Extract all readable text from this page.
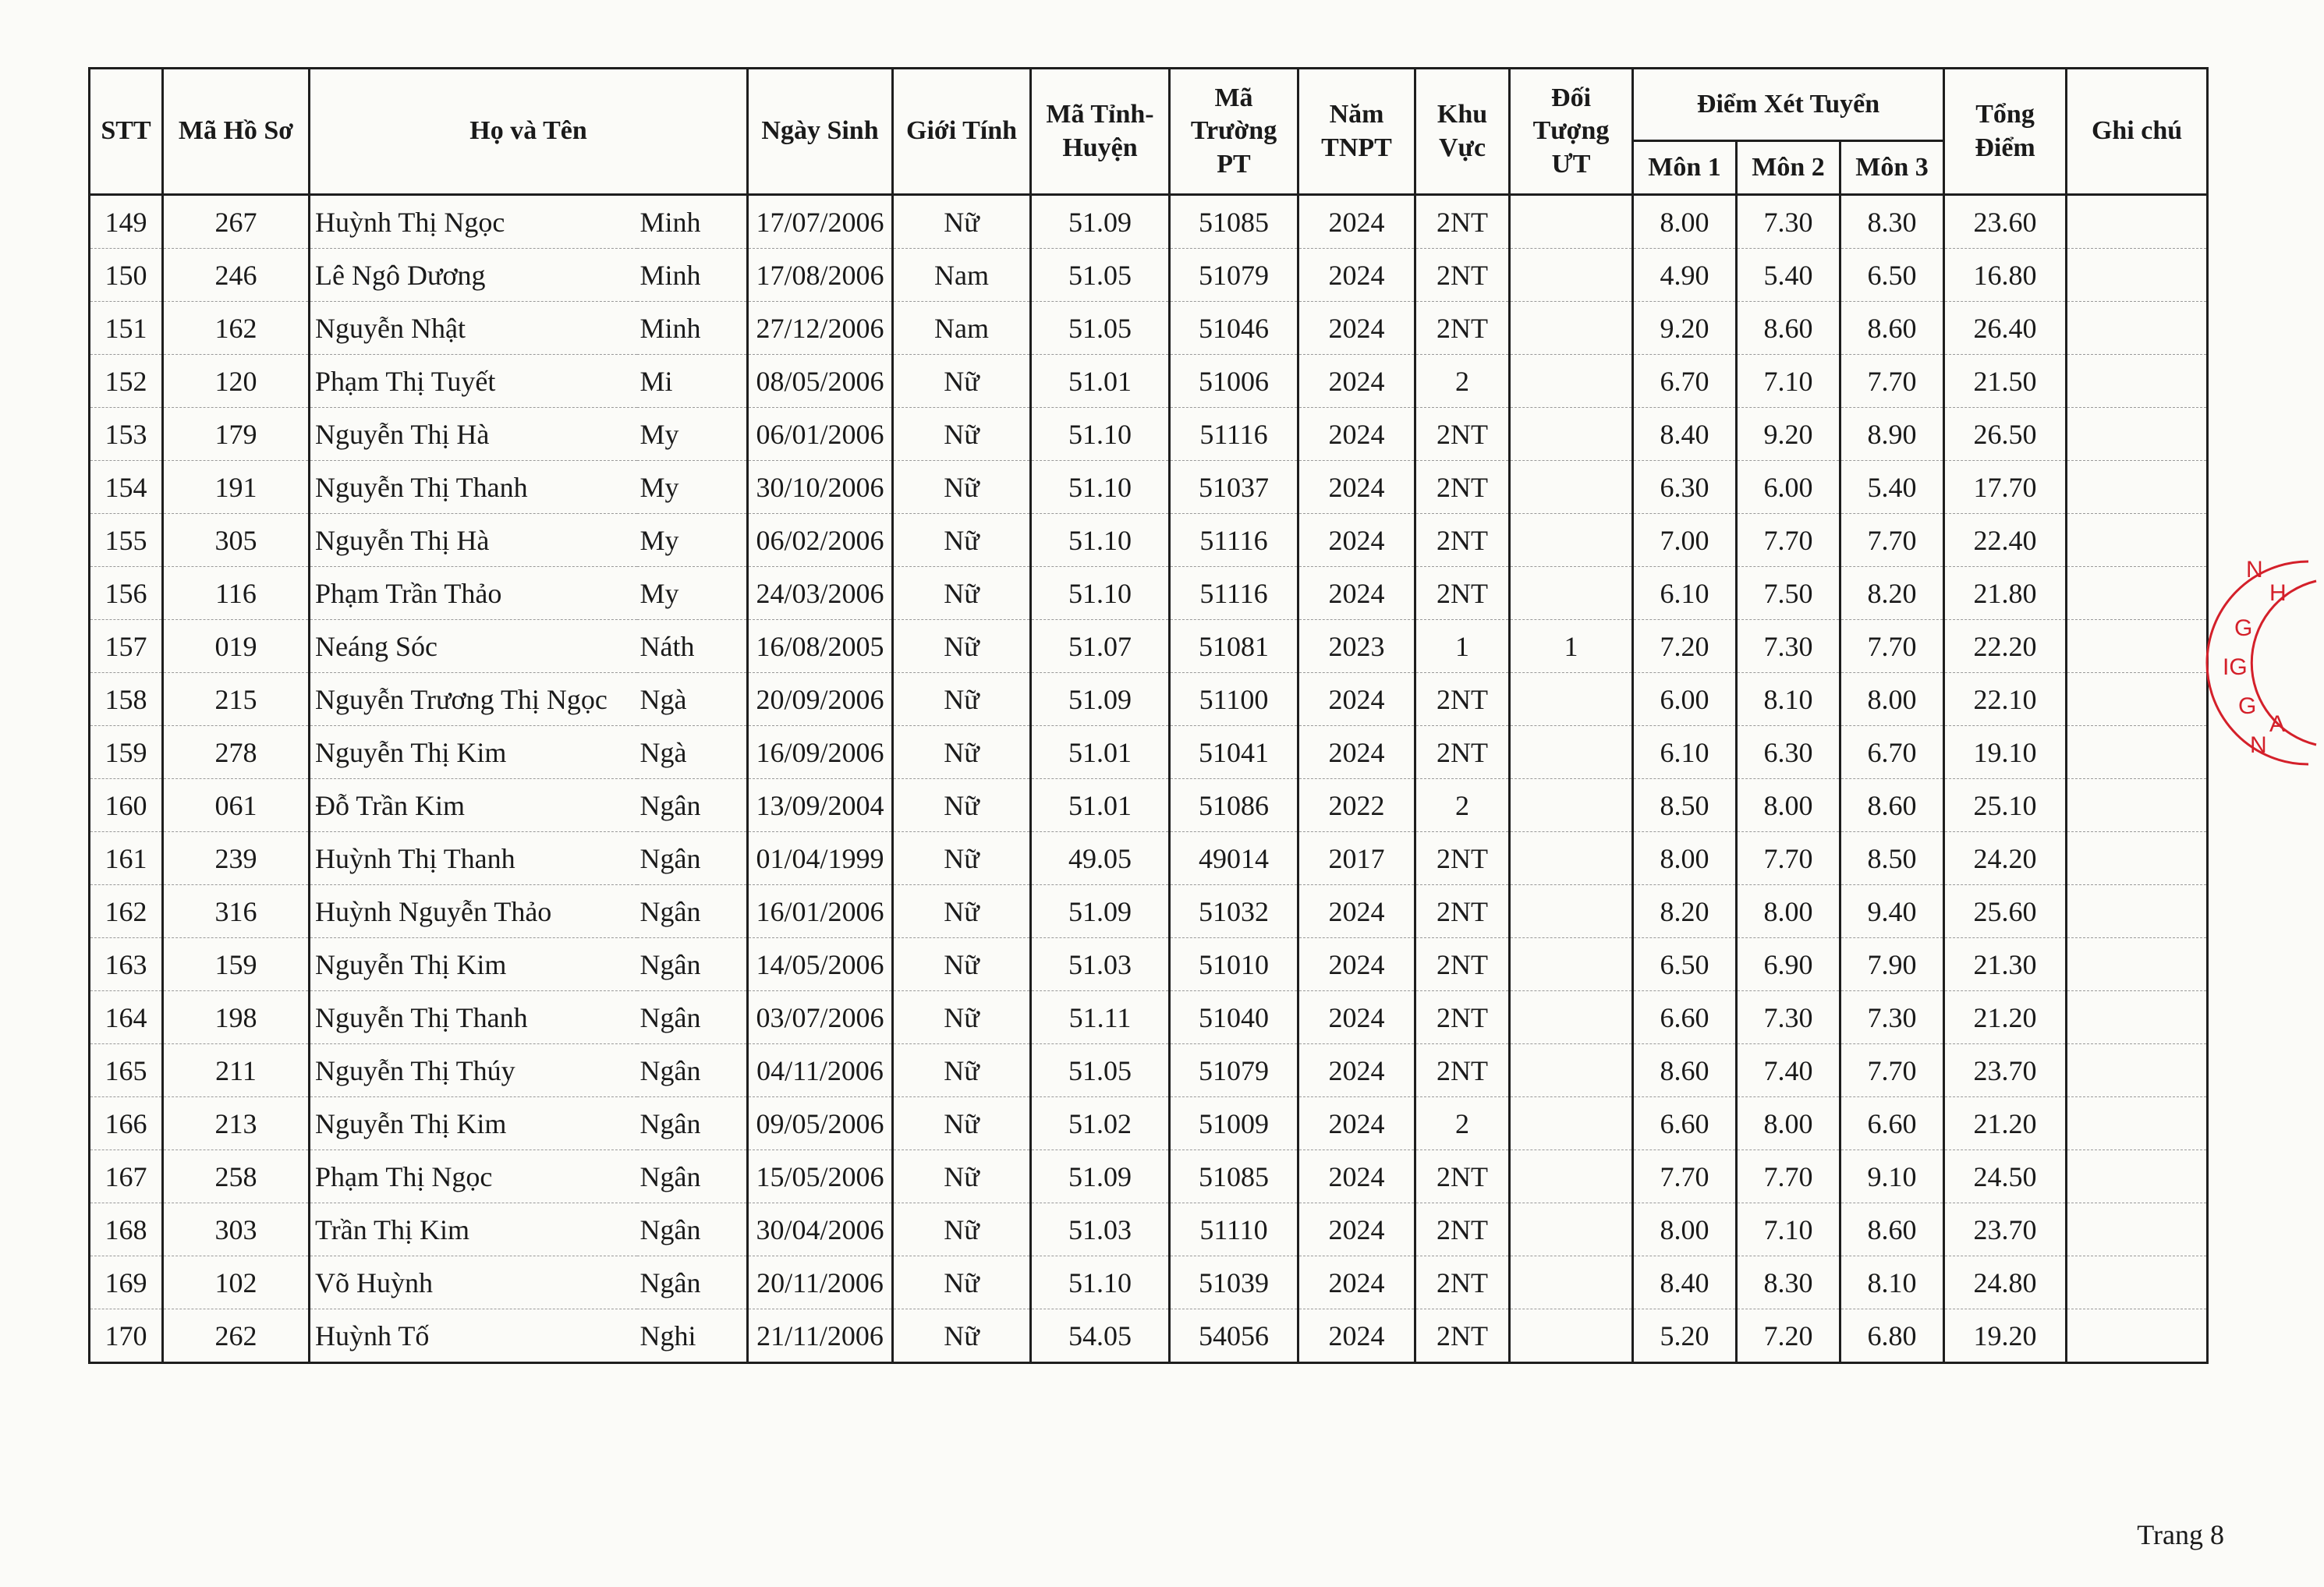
STT	Mã Hồ Sơ	Họ và Tên		Ngày Sinh	Giới Tính	Mã Tỉnh-Huyện	Mã Trường PT	Năm TNPT	Khu Vực	Đối Tượng ƯT	Điểm Xét Tuyển			Tổng Điểm	Ghi chú
											Môn 1	Môn 2	Môn 3		
149	267	Huỳnh Thị Ngọc	Minh	17/07/2006	Nữ	51.09	51085	2024	2NT		8.00	7.30	8.30	23.60	
150	246	Lê Ngô Dương	Minh	17/08/2006	Nam	51.05	51079	2024	2NT		4.90	5.40	6.50	16.80	
151	162	Nguyễn Nhật	Minh	27/12/2006	Nam	51.05	51046	2024	2NT		9.20	8.60	8.60	26.40	
152	120	Phạm Thị Tuyết	Mi	08/05/2006	Nữ	51.01	51006	2024	2		6.70	7.10	7.70	21.50	
153	179	Nguyễn Thị Hà	My	06/01/2006	Nữ	51.10	51116	2024	2NT		8.40	9.20	8.90	26.50	
154	191	Nguyễn Thị Thanh	My	30/10/2006	Nữ	51.10	51037	2024	2NT		6.30	6.00	5.40	17.70	
155	305	Nguyễn Thị Hà	My	06/02/2006	Nữ	51.10	51116	2024	2NT		7.00	7.70	7.70	22.40	
156	116	Phạm Trần Thảo	My	24/03/2006	Nữ	51.10	51116	2024	2NT		6.10	7.50	8.20	21.80	
157	019	Neáng Sóc	Náth	16/08/2005	Nữ	51.07	51081	2023	1	1	7.20	7.30	7.70	22.20	
158	215	Nguyễn Trương Thị Ngọc	Ngà	20/09/2006	Nữ	51.09	51100	2024	2NT		6.00	8.10	8.00	22.10	
159	278	Nguyễn Thị Kim	Ngà	16/09/2006	Nữ	51.01	51041	2024	2NT		6.10	6.30	6.70	19.10	
160	061	Đỗ Trần Kim	Ngân	13/09/2004	Nữ	51.01	51086	2022	2		8.50	8.00	8.60	25.10	
161	239	Huỳnh Thị Thanh	Ngân	01/04/1999	Nữ	49.05	49014	2017	2NT		8.00	7.70	8.50	24.20	
162	316	Huỳnh Nguyễn Thảo	Ngân	16/01/2006	Nữ	51.09	51032	2024	2NT		8.20	8.00	9.40	25.60	
163	159	Nguyễn Thị Kim	Ngân	14/05/2006	Nữ	51.03	51010	2024	2NT		6.50	6.90	7.90	21.30	
164	198	Nguyễn Thị Thanh	Ngân	03/07/2006	Nữ	51.11	51040	2024	2NT		6.60	7.30	7.30	21.20	
165	211	Nguyễn Thị Thúy	Ngân	04/11/2006	Nữ	51.05	51079	2024	2NT		8.60	7.40	7.70	23.70	
166	213	Nguyễn Thị Kim	Ngân	09/05/2006	Nữ	51.02	51009	2024	2		6.60	8.00	6.60	21.20	
167	258	Phạm Thị Ngọc	Ngân	15/05/2006	Nữ	51.09	51085	2024	2NT		7.70	7.70	9.10	24.50	
168	303	Trần Thị Kim	Ngân	30/04/2006	Nữ	51.03	51110	2024	2NT		8.00	7.10	8.60	23.70	
169	102	Võ Huỳnh	Ngân	20/11/2006	Nữ	51.10	51039	2024	2NT		8.40	8.30	8.10	24.80	
170	262	Huỳnh Tố	Nghi	21/11/2006	Nữ	54.05	54056	2024	2NT		5.20	7.20	6.80	19.20	
N
H
G
IG
G
A
N
Trang 8
